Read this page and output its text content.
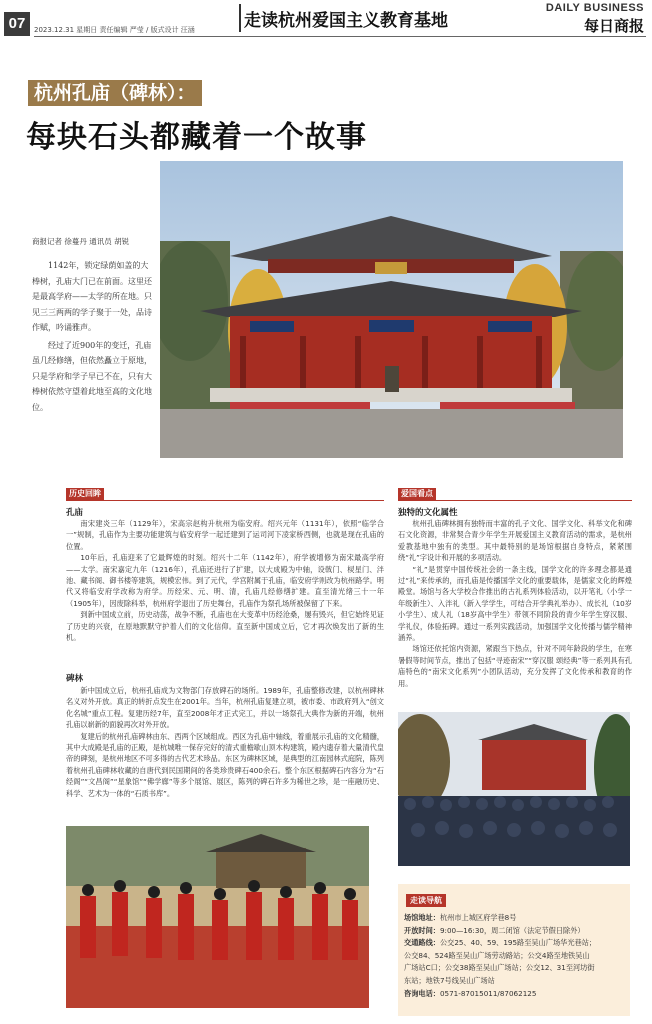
07	2023.12.31 星期日 责任编辑 严莹 / 版式设计 汪涵	走读杭州爱国主义教育基地
DAILY BUSINESS
每日商报
杭州孔庙（碑林）：
每块石头都藏着一个故事
商报记者 徐蔓丹 通讯员 胡锐

1142年，锁定绿荫如盖的大棒树，孔庙大门已在前面。这里还是最高学府——太学的所在地。只见三三两两的学子聚于一处，品诗作赋，吟诵雅声。

经过了近900年的变迁，孔庙虽几经修缮，但依然矗立于原地，只是学府和学子早已不在，只有大棒树依然守望着此地至高的文化地位。

历史回眸
孔庙

南宋建炎三年（1129年），宋高宗赵构升杭州为临安府。绍兴元年（1131年），依照“临学合一”规制，孔庙作为主要功能建筑与临安府学一起迁建到了运司河下凌家桥西侧，也就是现在孔庙的位置。

10年后，孔庙迎来了它最辉煌的时刻。绍兴十二年（1142年），府学被增修为南宋最高学府——太学。南宋嘉定九年（1216年），孔庙还进行了扩建，以大成殿为中轴，设戟门、棂星门、泮池、藏书阁、御书楼等建筑，规模宏伟。到了元代，学宫附属于孔庙，临安府学则改为杭州路学。明代又将临安府学改称为府学。历经宋、元、明、清，孔庙几经修缮扩建。直至清光绪三十一年（1905年），因废除科举，杭州府学退出了历史舞台，孔庙作为祭孔场所被保留了下来。

到新中国成立前，历史动荡，战争不断，孔庙也在大变革中历经沧桑，屡有毁兴，但它始终见证了历史的兴衰，在原地默默守护着人们的文化信仰。直至新中国成立后，它才再次焕发出了新的生机。

碑林

新中国成立后，杭州孔庙成为文物部门存放碑石的场所。1989年，孔庙整修改建，以杭州碑林名义对外开放。真正的转折点发生在2001年。当年，杭州孔庙复建立项，被市委、市政府列入“创文化名城”重点工程。复建历经7年，直至2008年才正式完工，并以一场祭孔大典作为新的开端，杭州孔庙以崭新的面貌再次对外开放。

复建后的杭州孔庙碑林由东、西两个区域组成。西区为孔庙中轴线，着重展示孔庙的文化精髓，其中大成殿是孔庙的正殿，是杭城唯一保存完好的清式重檐歇山顶木构建筑，殿内遗存着大量清代皇帝的碑刻，是杭州地区不可多得的古代艺术珍品。东区为碑林区域，是典型的江南园林式庭院，陈列着杭州孔庙碑林收藏的自唐代到民国期间的各类珍贵碑石400余石。整个东区根据碑石内容分为“石经阁”“文昌阁”“星象馆”“佛学廊”等多个展馆、展区，陈列的碑石许多为稀世之珍，是一座融历史、科学、艺术为一体的“石质书库”。

爱国看点
独特的文化属性

杭州孔庙碑林拥有独特而丰富的孔子文化、国学文化、科举文化和碑石文化资源，非常契合青少年学生开展爱国主义教育活动的需求，是杭州爱教基地中独有的类型。其中最特别的是场馆根据自身特点，紧紧围绕“礼”字设计和开展的多项活动。

“礼”是贯穿中国传统社会的一条主线，国学文化的许多理念都是通过“礼”来传承的，而孔庙是传播国学文化的重要载体，是儒家文化的辉煌殿堂。场馆与各大学校合作推出的古礼系列体验活动，以开笔礼（小学一年级新生）、入泮礼（新入学学生，可结合开学典礼举办）、成长礼（10岁小学生）、成人礼（18岁高中学生）带领不同阶段的青少年学生穿汉服、学礼仪，体验拓碑。通过一系列实践活动，加强国学文化传播与儒学精神涵养。

场馆还依托馆内资源，紧跟当下热点，针对不同年龄段的学生，在寒暑假等时间节点，推出了包括“寻迹南宋”“穿汉服 颂经典”等一系列具有孔庙特色的“南宋文化系列”小团队活动，充分发挥了文化传承和教育的作用。

走读导航
场馆地址：杭州市上城区府学巷8号
开放时间：9:00—16:30，周二闭馆（法定节假日除外）
交通路线：公交25、40、59、195路至吴山广场华光巷站；
公交84、524路至吴山广场劳动路站；公交4路至地铁吴山
广场站C口；公交38路至吴山广场站；公交12、31至河坊街
东站；地铁7号线吴山广场站
咨询电话：0571-87015011/87062125
